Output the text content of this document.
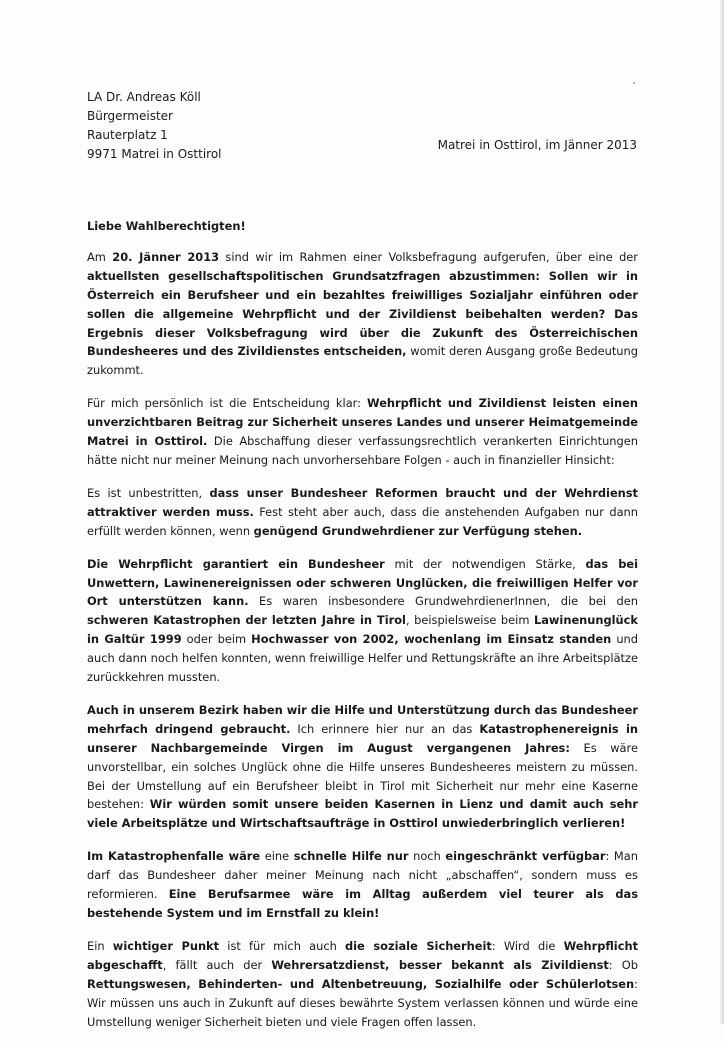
LA Dr. Andreas Köll
Bürgermeister
Rauterplatz 1
9971 Matrei in Osttirol
Matrei in Osttirol, im Jänner 2013
Liebe Wahlberechtigten!

Am 20. Jänner 2013 sind wir im Rahmen einer Volksbefragung aufgerufen, über eine der aktuellsten gesellschaftspolitischen Grundsatzfragen abzustimmen: Sollen wir in Österreich ein Berufsheer und ein bezahltes freiwilliges Sozialjahr einführen oder sollen die allgemeine Wehrpflicht und der Zivildienst beibehalten werden? Das Ergebnis dieser Volksbefragung wird über die Zukunft des Österreichischen Bundesheeres und des Zivildienstes entscheiden, womit deren Ausgang große Bedeutung zukommt.

Für mich persönlich ist die Entscheidung klar: Wehrpflicht und Zivildienst leisten einen unverzichtbaren Beitrag zur Sicherheit unseres Landes und unserer Heimatgemeinde Matrei in Osttirol. Die Abschaffung dieser verfassungsrechtlich verankerten Einrichtungen hätte nicht nur meiner Meinung nach unvorhersehbare Folgen - auch in finanzieller Hinsicht:

Es ist unbestritten, dass unser Bundesheer Reformen braucht und der Wehrdienst attraktiver werden muss. Fest steht aber auch, dass die anstehenden Aufgaben nur dann erfüllt werden können, wenn genügend Grundwehrdiener zur Verfügung stehen.

Die Wehrpflicht garantiert ein Bundesheer mit der notwendigen Stärke, das bei Unwettern, Lawinenereignissen oder schweren Unglücken, die freiwilligen Helfer vor Ort unterstützen kann. Es waren insbesondere GrundwehrdienerInnen, die bei den schweren Katastrophen der letzten Jahre in Tirol, beispielsweise beim Lawinenunglück in Galtür 1999 oder beim Hochwasser von 2002, wochenlang im Einsatz standen und auch dann noch helfen konnten, wenn freiwillige Helfer und Rettungskräfte an ihre Arbeitsplätze zurückkehren mussten.

Auch in unserem Bezirk haben wir die Hilfe und Unterstützung durch das Bundesheer mehrfach dringend gebraucht. Ich erinnere hier nur an das Katastrophenereignis in unserer Nachbargemeinde Virgen im August vergangenen Jahres: Es wäre unvorstellbar, ein solches Unglück ohne die Hilfe unseres Bundesheeres meistern zu müssen. Bei der Umstellung auf ein Berufsheer bleibt in Tirol mit Sicherheit nur mehr eine Kaserne bestehen: Wir würden somit unsere beiden Kasernen in Lienz und damit auch sehr viele Arbeitsplätze und Wirtschaftsaufträge in Osttirol unwiederbringlich verlieren!

Im Katastrophenfalle wäre eine schnelle Hilfe nur noch eingeschränkt verfügbar: Man darf das Bundesheer daher meiner Meinung nach nicht „abschaffen“, sondern muss es reformieren. Eine Berufsarmee wäre im Alltag außerdem viel teurer als das bestehende System und im Ernstfall zu klein!

Ein wichtiger Punkt ist für mich auch die soziale Sicherheit: Wird die Wehrpflicht abgeschafft, fällt auch der Wehrersatzdienst, besser bekannt als Zivildienst: Ob Rettungswesen, Behinderten- und Altenbetreuung, Sozialhilfe oder Schülerlotsen: Wir müssen uns auch in Zukunft auf dieses bewährte System verlassen können und würde eine Umstellung weniger Sicherheit bieten und viele Fragen offen lassen.
